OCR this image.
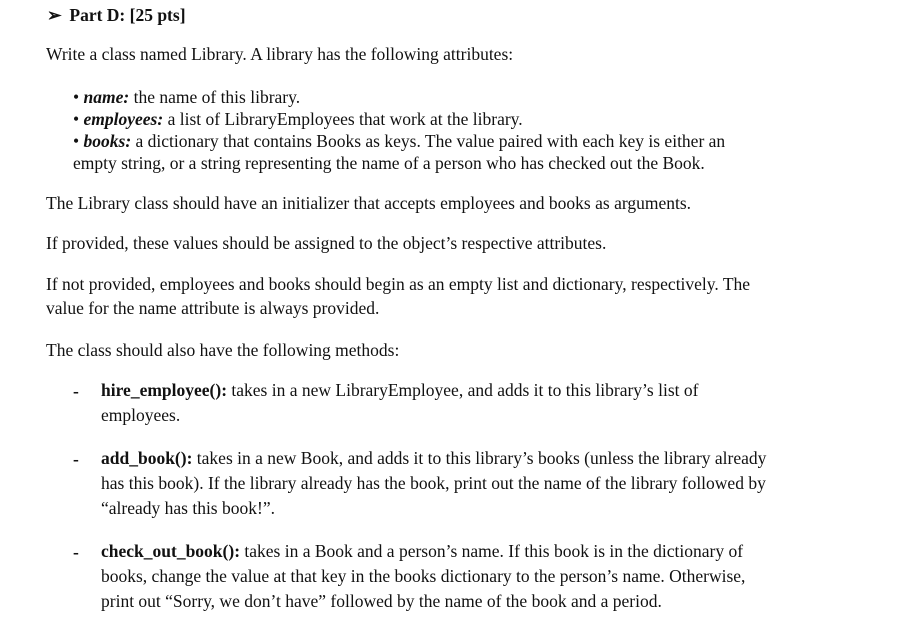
➢ Part D: [25 pts]
Write a class named Library. A library has the following attributes:
• name: the name of this library.
• employees: a list of LibraryEmployees that work at the library.
• books: a dictionary that contains Books as keys. The value paired with each key is either an
empty string, or a string representing the name of a person who has checked out the Book.
The Library class should have an initializer that accepts employees and books as arguments.
If provided, these values should be assigned to the object’s respective attributes.
If not provided, employees and books should begin as an empty list and dictionary, respectively. The
value for the name attribute is always provided.
The class should also have the following methods:
- hire_employee(): takes in a new LibraryEmployee, and adds it to this library’s list of
employees.
- add_book(): takes in a new Book, and adds it to this library’s books (unless the library already
has this book). If the library already has the book, print out the name of the library followed by
“already has this book!”.
- check_out_book(): takes in a Book and a person’s name. If this book is in the dictionary of
books, change the value at that key in the books dictionary to the person’s name. Otherwise,
print out “Sorry, we don’t have” followed by the name of the book and a period.
